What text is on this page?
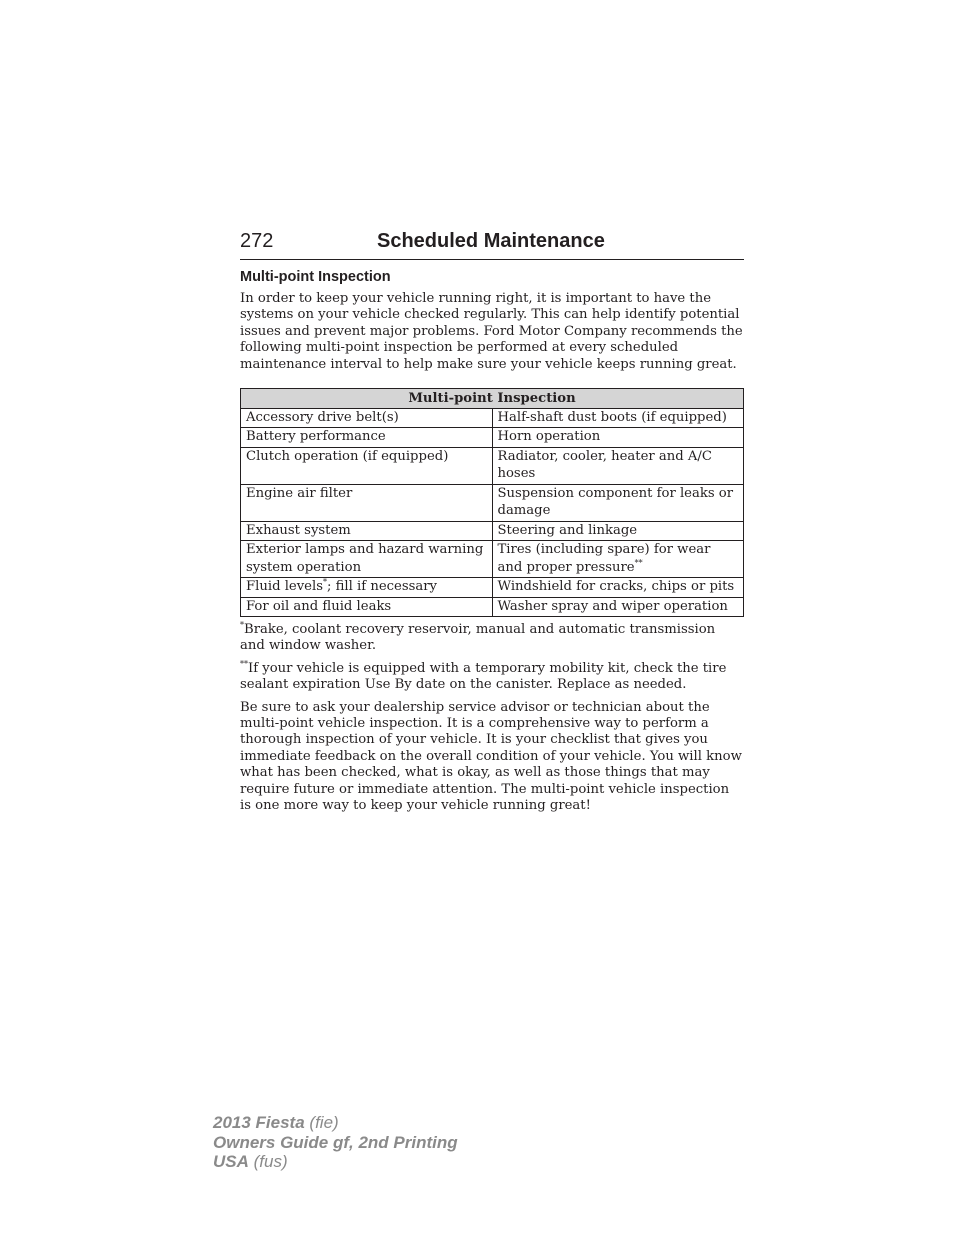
272	Scheduled Maintenance
Multi-point Inspection

In order to keep your vehicle running right, it is important to have the systems on your vehicle checked regularly. This can help identify potential issues and prevent major problems. Ford Motor Company recommends the following multi-point inspection be performed at every scheduled maintenance interval to help make sure your vehicle keeps running great.

Multi-point Inspection	
Accessory drive belt(s)	Half-shaft dust boots (if equipped)
Battery performance	Horn operation
Clutch operation (if equipped)	Radiator, cooler, heater and A/C hoses
Engine air filter	Suspension component for leaks or damage
Exhaust system	Steering and linkage
Exterior lamps and hazard warning system operation	Tires (including spare) for wear and proper pressure**
Fluid levels*; fill if necessary	Windshield for cracks, chips or pits
For oil and fluid leaks	Washer spray and wiper operation

*Brake, coolant recovery reservoir, manual and automatic transmission and window washer.

**If your vehicle is equipped with a temporary mobility kit, check the tire sealant expiration Use By date on the canister. Replace as needed.

Be sure to ask your dealership service advisor or technician about the multi-point vehicle inspection. It is a comprehensive way to perform a thorough inspection of your vehicle. It is your checklist that gives you immediate feedback on the overall condition of your vehicle. You will know what has been checked, what is okay, as well as those things that may require future or immediate attention. The multi-point vehicle inspection is one more way to keep your vehicle running great!

2013 Fiesta (fie)
Owners Guide gf, 2nd Printing
USA (fus)
